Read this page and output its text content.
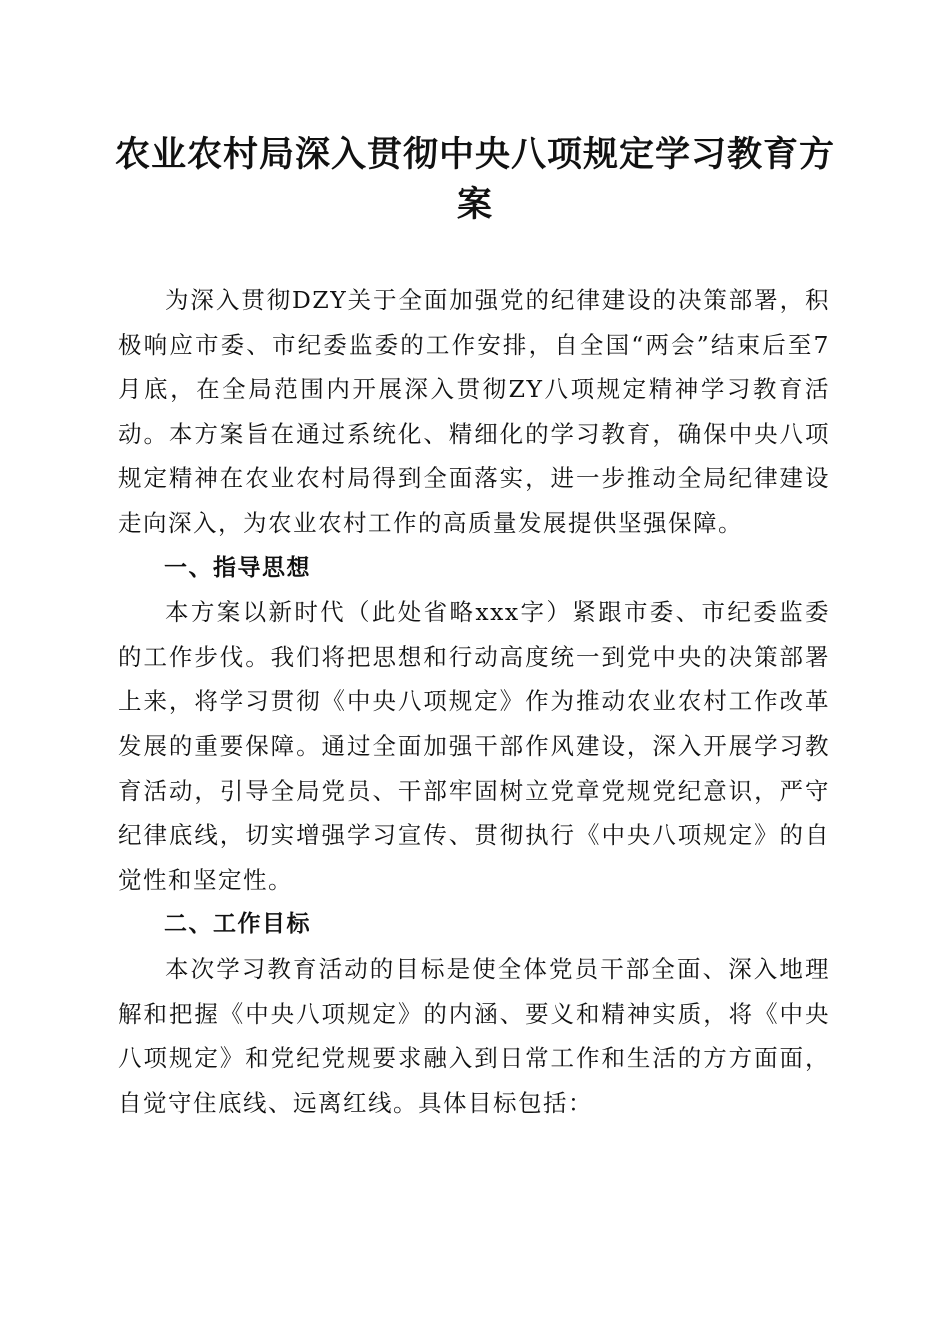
农业农村局深入贯彻中央八项规定学习教育方案

为深入贯彻DZY关于全面加强党的纪律建设的决策部署，积极响应市委、市纪委监委的工作安排，自全国“两会”结束后至7月底，在全局范围内开展深入贯彻ZY八项规定精神学习教育活动。本方案旨在通过系统化、精细化的学习教育，确保中央八项规定精神在农业农村局得到全面落实，进一步推动全局纪律建设走向深入，为农业农村工作的高质量发展提供坚强保障。

一、指导思想

本方案以新时代（此处省略xxx字）紧跟市委、市纪委监委的工作步伐。我们将把思想和行动高度统一到党中央的决策部署上来，将学习贯彻《中央八项规定》作为推动农业农村工作改革发展的重要保障。通过全面加强干部作风建设，深入开展学习教育活动，引导全局党员、干部牢固树立党章党规党纪意识，严守纪律底线，切实增强学习宣传、贯彻执行《中央八项规定》的自觉性和坚定性。

二、工作目标

本次学习教育活动的目标是使全体党员干部全面、深入地理解和把握《中央八项规定》的内涵、要义和精神实质，将《中央八项规定》和党纪党规要求融入到日常工作和生活的方方面面，自觉守住底线、远离红线。具体目标包括：
